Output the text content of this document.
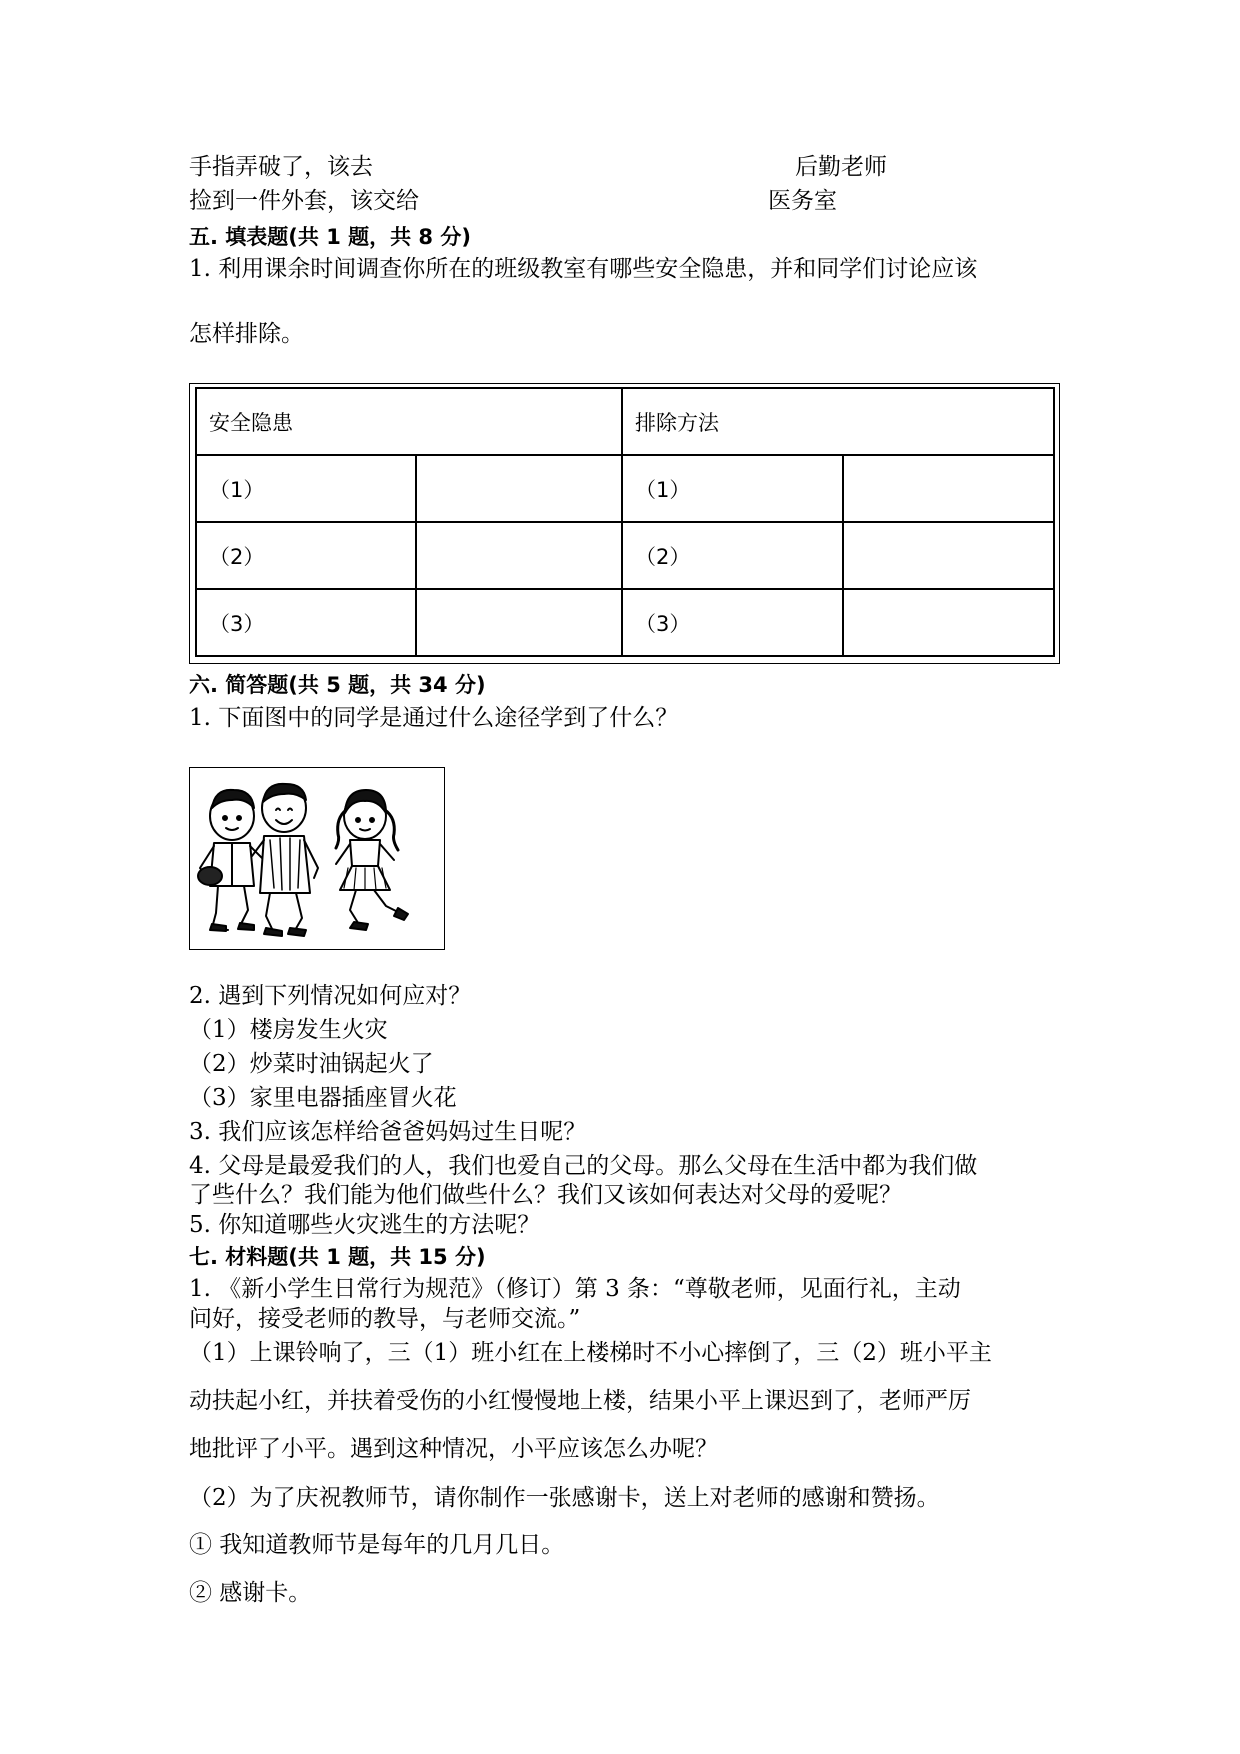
手指弄破了，该去	后勤老师
捡到一件外套，该交给	医务室
五. 填表题(共 1 题，共 8 分)
1. 利用课余时间调查你所在的班级教室有哪些安全隐患，并和同学们讨论应该
怎样排除。
安全隐患		排除方法	
（1）		（1）	
（2）		（2）	
（3）		（3）	
六. 简答题(共 5 题，共 34 分)
1. 下面图中的同学是通过什么途径学到了什么？
2. 遇到下列情况如何应对？
（1）楼房发生火灾
（2）炒菜时油锅起火了
（3）家里电器插座冒火花
3. 我们应该怎样给爸爸妈妈过生日呢？
4. 父母是最爱我们的人，我们也爱自己的父母。那么父母在生活中都为我们做
了些什么？我们能为他们做些什么？我们又该如何表达对父母的爱呢？
5. 你知道哪些火灾逃生的方法呢？
七. 材料题(共 1 题，共 15 分)
1. 《新小学生日常行为规范》（修订）第 3 条：“尊敬老师，见面行礼，主动
问好，接受老师的教导，与老师交流。”
（1）上课铃响了，三（1）班小红在上楼梯时不小心摔倒了，三（2）班小平主
动扶起小红，并扶着受伤的小红慢慢地上楼，结果小平上课迟到了，老师严厉
地批评了小平。遇到这种情况，小平应该怎么办呢？
（2）为了庆祝教师节，请你制作一张感谢卡，送上对老师的感谢和赞扬。
① 我知道教师节是每年的几月几日。
② 感谢卡。
